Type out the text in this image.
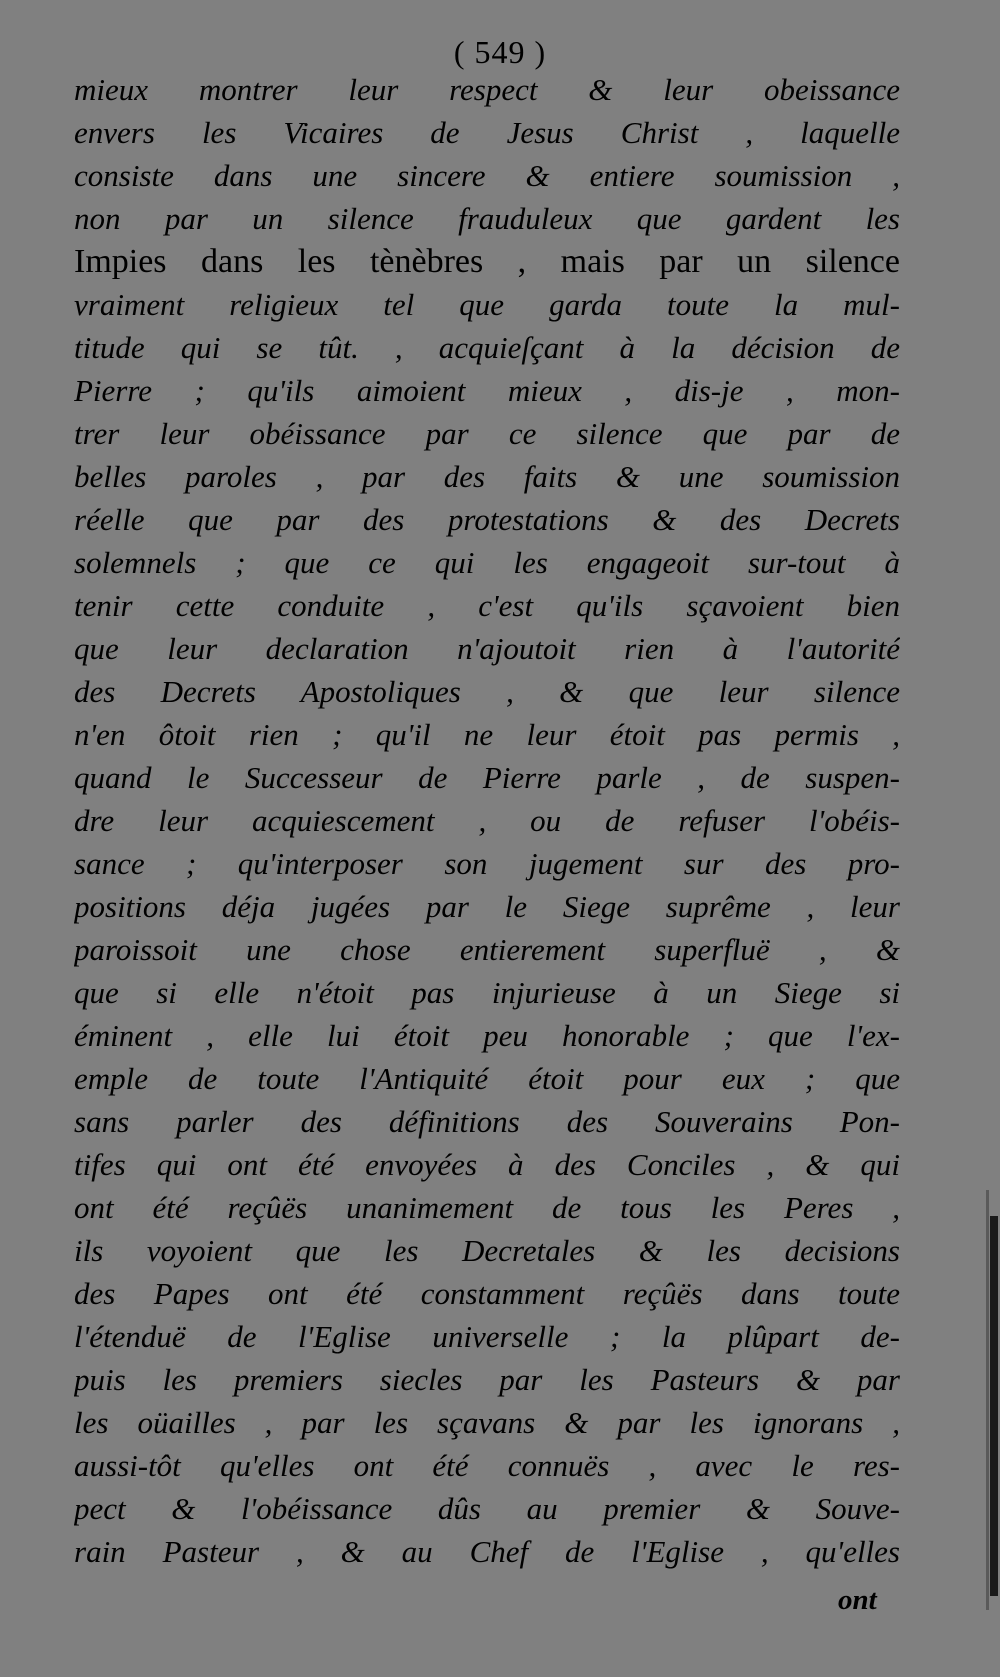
( 549 )
mieux montrer leur respect & leur obeissance
envers les Vicaires de Jesus Christ , laquelle
consiste dans une sincere & entiere soumission ,
non par un silence frauduleux que gardent les
Impies dans les tènèbres , mais par un silence
vraiment religieux tel que garda toute la mul-
titude qui se tût. , acquieſçant à la décision de
Pierre ; qu'ils aimoient mieux , dis-je , mon-
trer leur obéissance par ce silence que par de
belles paroles , par des faits & une soumission
réelle que par des protestations & des Decrets
solemnels ; que ce qui les engageoit sur-tout à
tenir cette conduite , c'est qu'ils sçavoient bien
que leur declaration n'ajoutoit rien à l'autorité
des Decrets Apostoliques , & que leur silence
n'en ôtoit rien ; qu'il ne leur étoit pas permis ,
quand le Successeur de Pierre parle , de suspen-
dre leur acquiescement , ou de refuser l'obéis-
sance ; qu'interposer son jugement sur des pro-
positions déja jugées par le Siege suprême , leur
paroissoit une chose entierement superfluë , &
que si elle n'étoit pas injurieuse à un Siege si
éminent , elle lui étoit peu honorable ; que l'ex-
emple de toute l'Antiquité étoit pour eux ; que
sans parler des définitions des Souverains Pon-
tifes qui ont été envoyées à des Conciles , & qui
ont été reçûës unanimement de tous les Peres ,
ils voyoient que les Decretales & les decisions
des Papes ont été constamment reçûës dans toute
l'étenduë de l'Eglise universelle ; la plûpart de-
puis les premiers siecles par les Pasteurs & par
les oüailles , par les sçavans & par les ignorans ,
aussi-tôt qu'elles ont été connuës , avec le res-
pect & l'obéissance dûs au premier & Souve-
rain Pasteur , & au Chef de l'Eglise , qu'elles
ont
